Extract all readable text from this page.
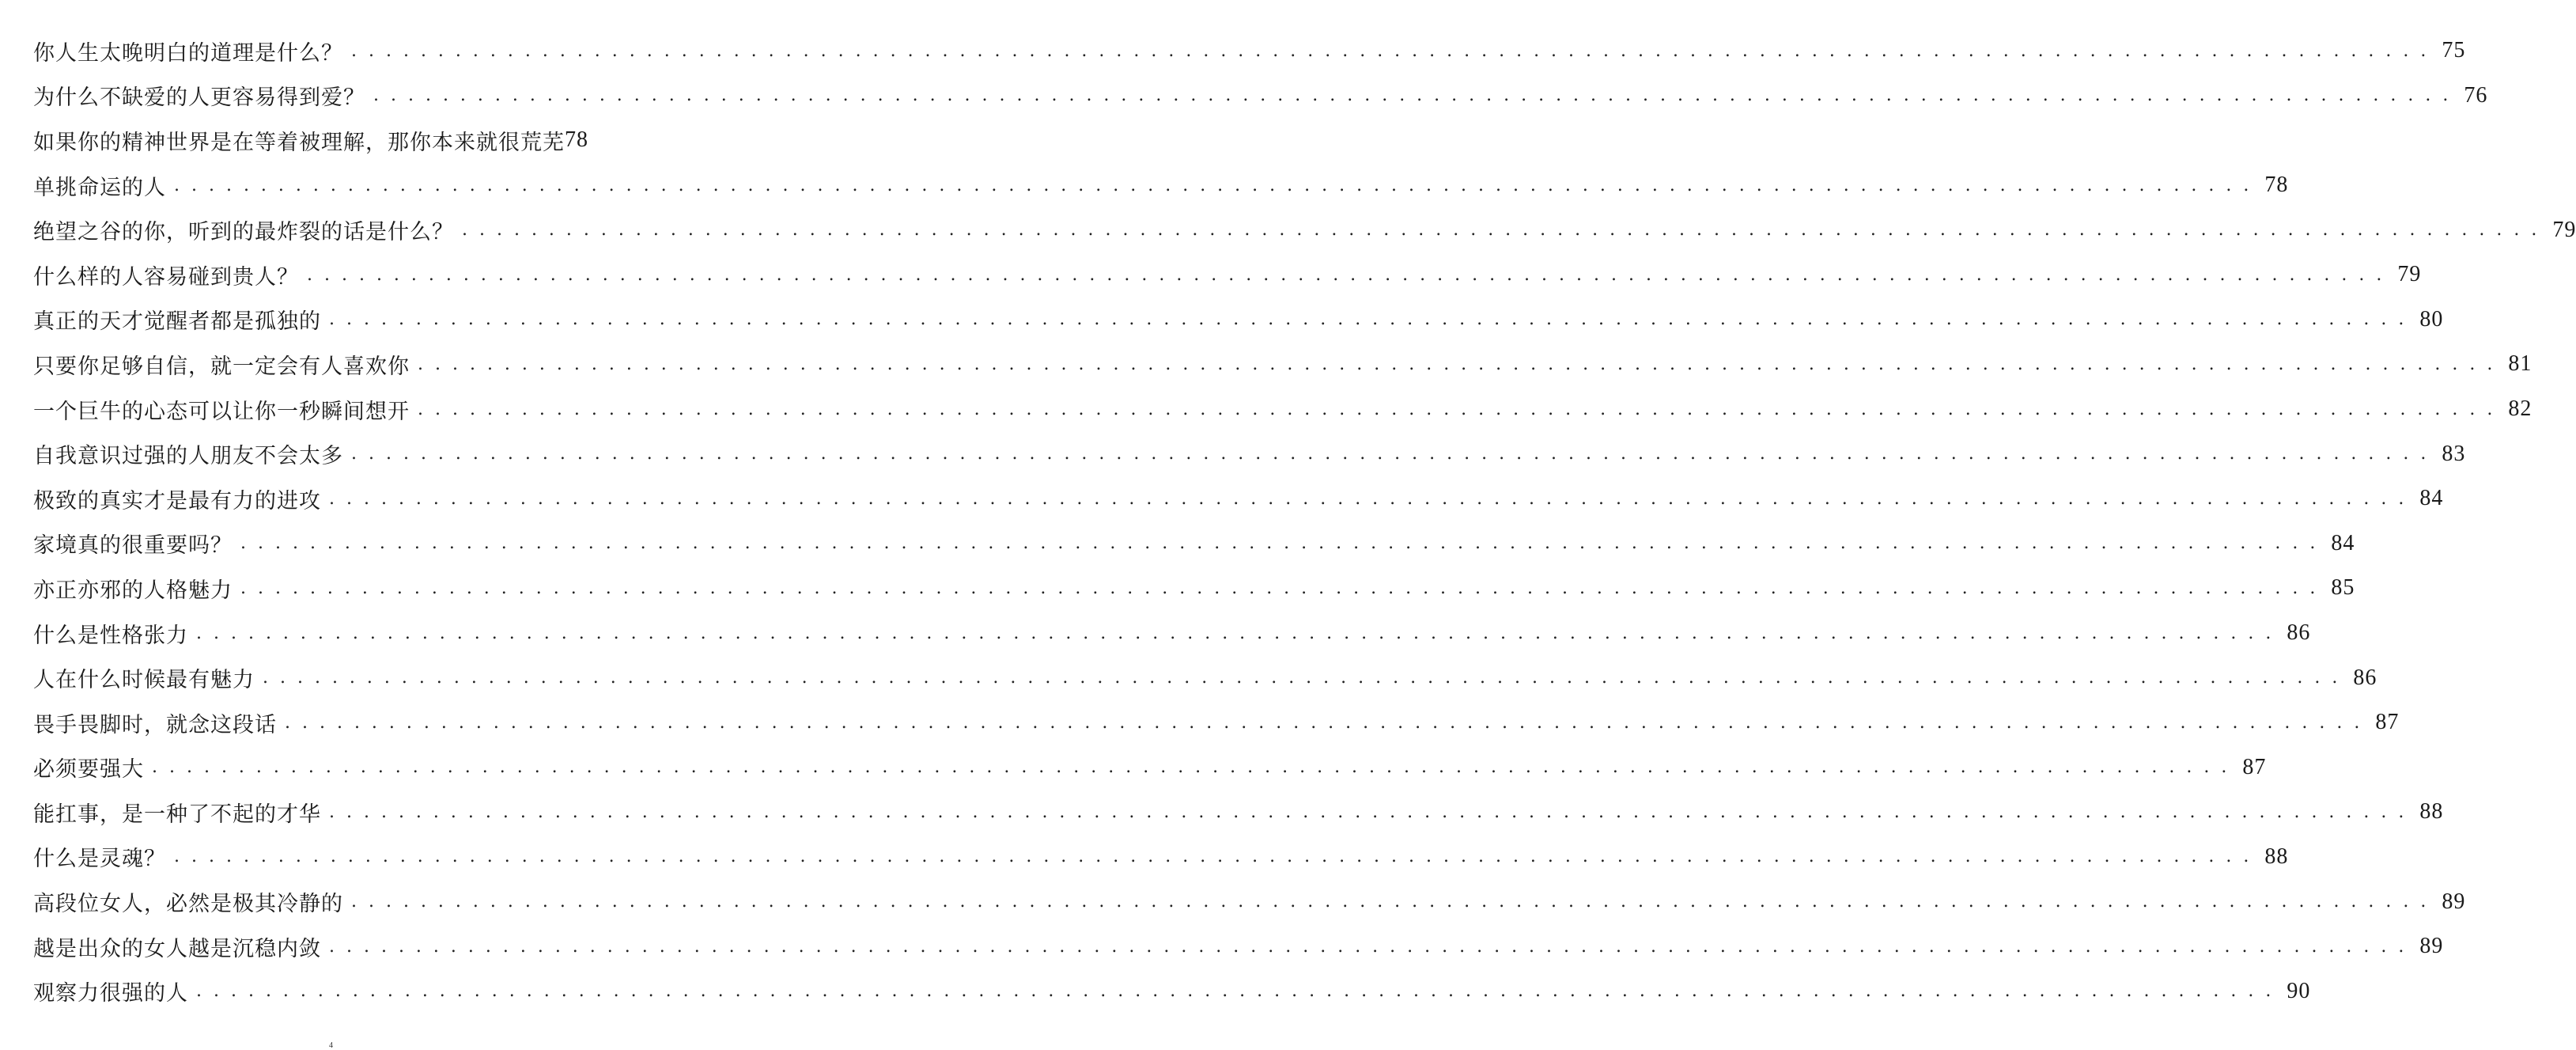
你人生太晚明白的道理是什么？ . . . . . . . . . . . . . . . . . . . . . . . . . . . . . . . . . . . . . . . . . . . . . . . . . . . . . . . . . . . . . . . . . . . . . . . . . . . . . . . . . . . . . . . . . . . . . . . . . . . . . . . . . . . . . . . . . . . . . . . . 75
为什么不缺爱的人更容易得到爱？ . . . . . . . . . . . . . . . . . . . . . . . . . . . . . . . . . . . . . . . . . . . . . . . . . . . . . . . . . . . . . . . . . . . . . . . . . . . . . . . . . . . . . . . . . . . . . . . . . . . . . . . . . . . . . . . . . . . . . . . . 76
如果你的精神世界是在等着被理解，那你本来就很荒芜 78
单挑命运的人 . . . . . . . . . . . . . . . . . . . . . . . . . . . . . . . . . . . . . . . . . . . . . . . . . . . . . . . . . . . . . . . . . . . . . . . . . . . . . . . . . . . . . . . . . . . . . . . . . . . . . . . . . . . . . . . . . . . . . . . . 78
绝望之谷的你，听到的最炸裂的话是什么？ . . . . . . . . . . . . . . . . . . . . . . . . . . . . . . . . . . . . . . . . . . . . . . . . . . . . . . . . . . . . . . . . . . . . . . . . . . . . . . . . . . . . . . . . . . . . . . . . . . . . . . . . . . . . . . . . . . . . . . . . 79
什么样的人容易碰到贵人？ . . . . . . . . . . . . . . . . . . . . . . . . . . . . . . . . . . . . . . . . . . . . . . . . . . . . . . . . . . . . . . . . . . . . . . . . . . . . . . . . . . . . . . . . . . . . . . . . . . . . . . . . . . . . . . . . . . . . . . . . 79
真正的天才觉醒者都是孤独的 . . . . . . . . . . . . . . . . . . . . . . . . . . . . . . . . . . . . . . . . . . . . . . . . . . . . . . . . . . . . . . . . . . . . . . . . . . . . . . . . . . . . . . . . . . . . . . . . . . . . . . . . . . . . . . . . . . . . . . . . 80
只要你足够自信，就一定会有人喜欢你 . . . . . . . . . . . . . . . . . . . . . . . . . . . . . . . . . . . . . . . . . . . . . . . . . . . . . . . . . . . . . . . . . . . . . . . . . . . . . . . . . . . . . . . . . . . . . . . . . . . . . . . . . . . . . . . . . . . . . . . . 81
一个巨牛的心态可以让你一秒瞬间想开 . . . . . . . . . . . . . . . . . . . . . . . . . . . . . . . . . . . . . . . . . . . . . . . . . . . . . . . . . . . . . . . . . . . . . . . . . . . . . . . . . . . . . . . . . . . . . . . . . . . . . . . . . . . . . . . . . . . . . . . . 82
自我意识过强的人朋友不会太多 . . . . . . . . . . . . . . . . . . . . . . . . . . . . . . . . . . . . . . . . . . . . . . . . . . . . . . . . . . . . . . . . . . . . . . . . . . . . . . . . . . . . . . . . . . . . . . . . . . . . . . . . . . . . . . . . . . . . . . . . 83
极致的真实才是最有力的进攻 . . . . . . . . . . . . . . . . . . . . . . . . . . . . . . . . . . . . . . . . . . . . . . . . . . . . . . . . . . . . . . . . . . . . . . . . . . . . . . . . . . . . . . . . . . . . . . . . . . . . . . . . . . . . . . . . . . . . . . . . 84
家境真的很重要吗？ . . . . . . . . . . . . . . . . . . . . . . . . . . . . . . . . . . . . . . . . . . . . . . . . . . . . . . . . . . . . . . . . . . . . . . . . . . . . . . . . . . . . . . . . . . . . . . . . . . . . . . . . . . . . . . . . . . . . . . . . 84
亦正亦邪的人格魅力 . . . . . . . . . . . . . . . . . . . . . . . . . . . . . . . . . . . . . . . . . . . . . . . . . . . . . . . . . . . . . . . . . . . . . . . . . . . . . . . . . . . . . . . . . . . . . . . . . . . . . . . . . . . . . . . . . . . . . . . . 85
什么是性格张力 . . . . . . . . . . . . . . . . . . . . . . . . . . . . . . . . . . . . . . . . . . . . . . . . . . . . . . . . . . . . . . . . . . . . . . . . . . . . . . . . . . . . . . . . . . . . . . . . . . . . . . . . . . . . . . . . . . . . . . . . 86
人在什么时候最有魅力 . . . . . . . . . . . . . . . . . . . . . . . . . . . . . . . . . . . . . . . . . . . . . . . . . . . . . . . . . . . . . . . . . . . . . . . . . . . . . . . . . . . . . . . . . . . . . . . . . . . . . . . . . . . . . . . . . . . . . . . . 86
畏手畏脚时，就念这段话 . . . . . . . . . . . . . . . . . . . . . . . . . . . . . . . . . . . . . . . . . . . . . . . . . . . . . . . . . . . . . . . . . . . . . . . . . . . . . . . . . . . . . . . . . . . . . . . . . . . . . . . . . . . . . . . . . . . . . . . . 87
必须要强大 . . . . . . . . . . . . . . . . . . . . . . . . . . . . . . . . . . . . . . . . . . . . . . . . . . . . . . . . . . . . . . . . . . . . . . . . . . . . . . . . . . . . . . . . . . . . . . . . . . . . . . . . . . . . . . . . . . . . . . . . 87
能扛事，是一种了不起的才华 . . . . . . . . . . . . . . . . . . . . . . . . . . . . . . . . . . . . . . . . . . . . . . . . . . . . . . . . . . . . . . . . . . . . . . . . . . . . . . . . . . . . . . . . . . . . . . . . . . . . . . . . . . . . . . . . . . . . . . . . 88
什么是灵魂？ . . . . . . . . . . . . . . . . . . . . . . . . . . . . . . . . . . . . . . . . . . . . . . . . . . . . . . . . . . . . . . . . . . . . . . . . . . . . . . . . . . . . . . . . . . . . . . . . . . . . . . . . . . . . . . . . . . . . . . . . 88
高段位女人，必然是极其冷静的 . . . . . . . . . . . . . . . . . . . . . . . . . . . . . . . . . . . . . . . . . . . . . . . . . . . . . . . . . . . . . . . . . . . . . . . . . . . . . . . . . . . . . . . . . . . . . . . . . . . . . . . . . . . . . . . . . . . . . . . . 89
越是出众的女人越是沉稳内敛 . . . . . . . . . . . . . . . . . . . . . . . . . . . . . . . . . . . . . . . . . . . . . . . . . . . . . . . . . . . . . . . . . . . . . . . . . . . . . . . . . . . . . . . . . . . . . . . . . . . . . . . . . . . . . . . . . . . . . . . . 89
观察力很强的人 . . . . . . . . . . . . . . . . . . . . . . . . . . . . . . . . . . . . . . . . . . . . . . . . . . . . . . . . . . . . . . . . . . . . . . . . . . . . . . . . . . . . . . . . . . . . . . . . . . . . . . . . . . . . . . . . . . . . . . . . 90
4
